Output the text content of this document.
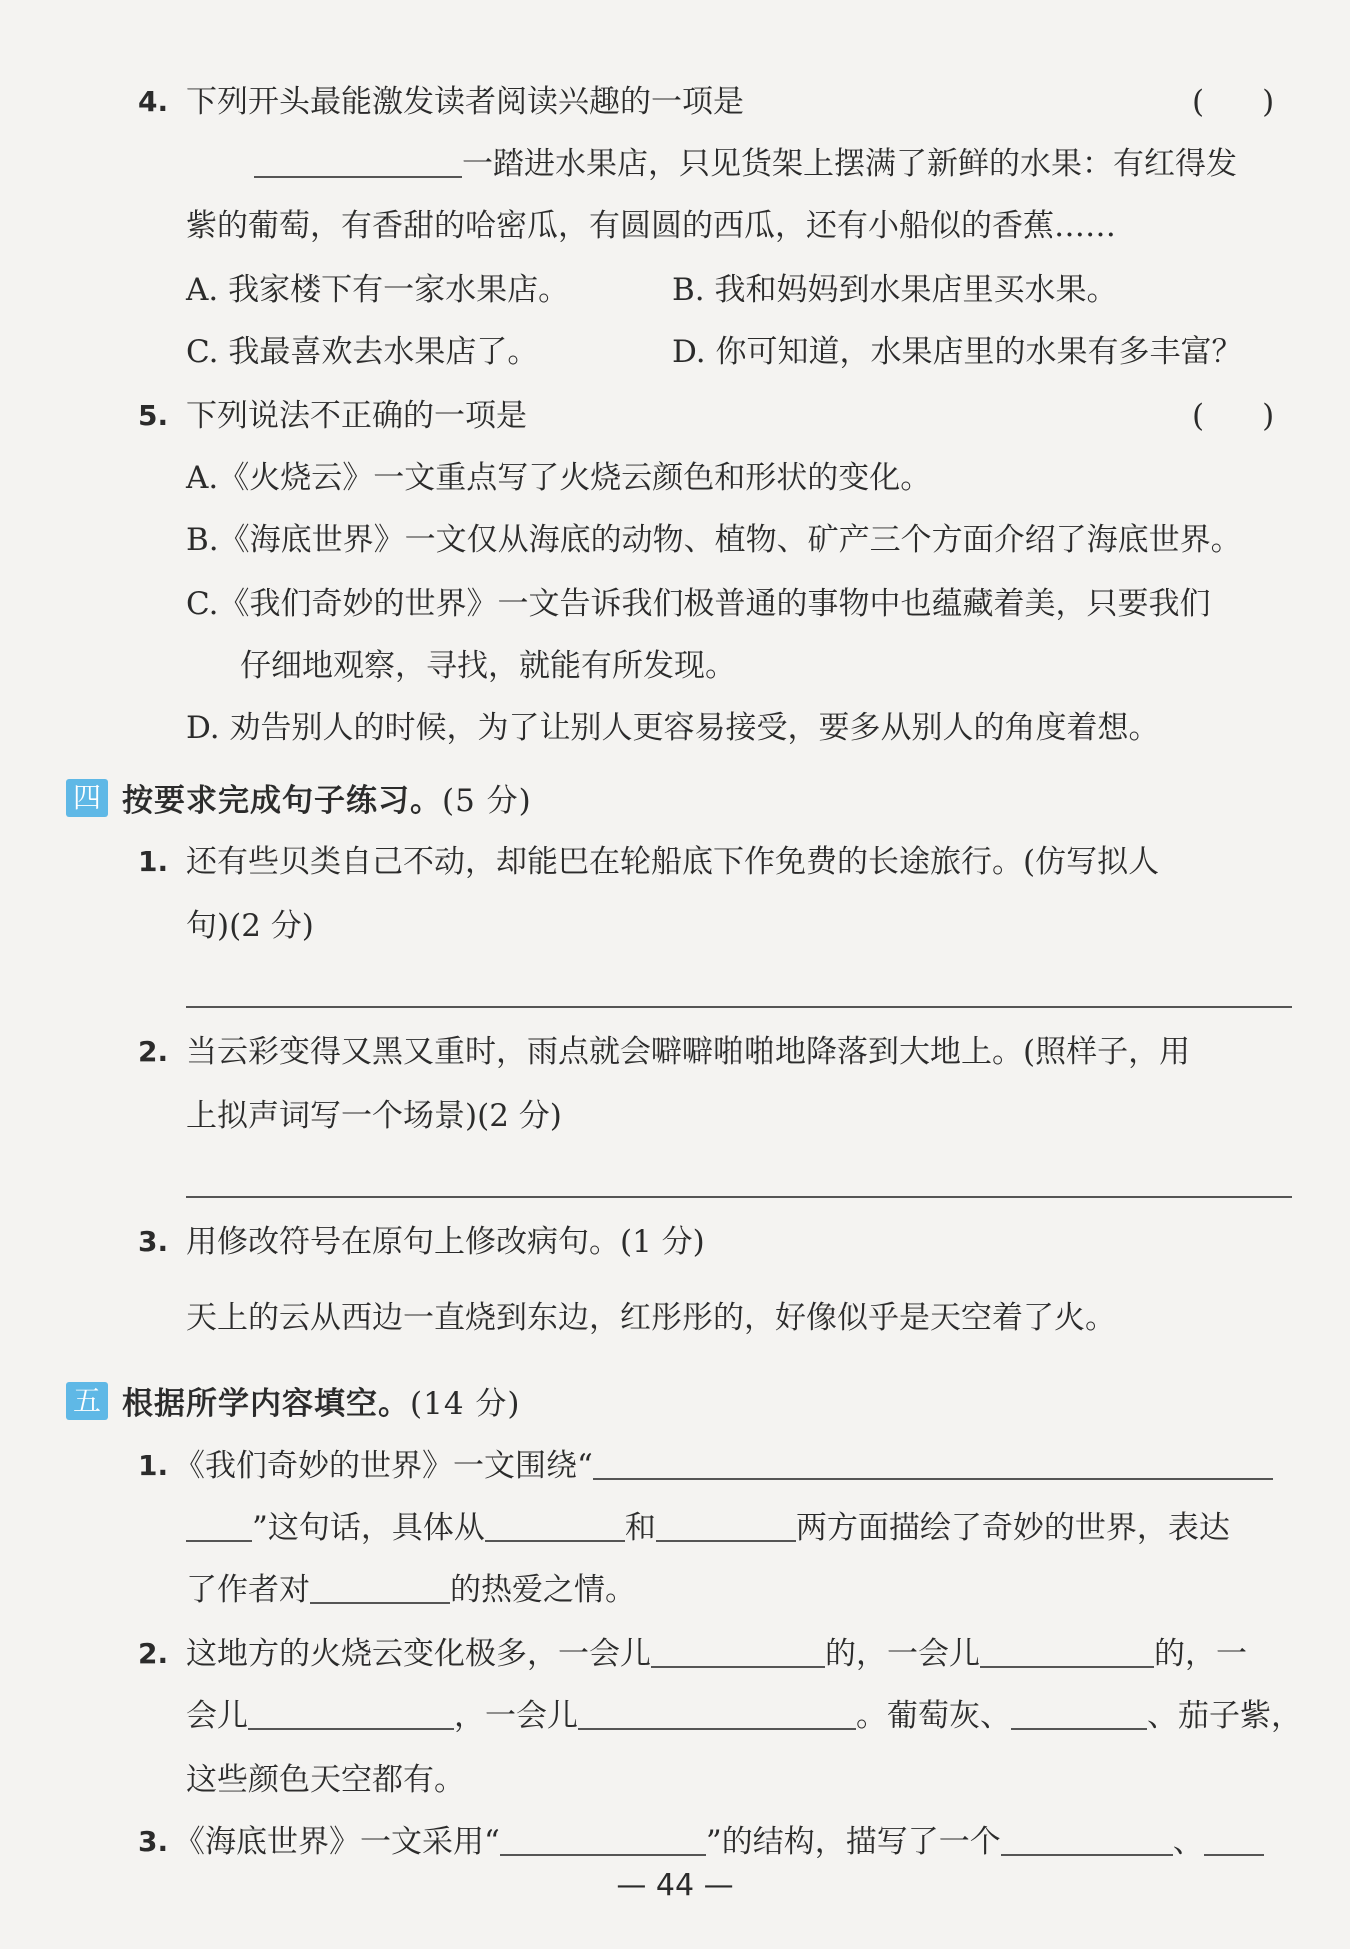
4. 下列开头最能激发读者阅读兴趣的一项是	( )
一踏进水果店，只见货架上摆满了新鲜的水果：有红得发
紫的葡萄，有香甜的哈密瓜，有圆圆的西瓜，还有小船似的香蕉……
A. 我家楼下有一家水果店。	B. 我和妈妈到水果店里买水果。
C. 我最喜欢去水果店了。	D. 你可知道，水果店里的水果有多丰富？
5. 下列说法不正确的一项是	( )
A.《火烧云》一文重点写了火烧云颜色和形状的变化。
B.《海底世界》一文仅从海底的动物、植物、矿产三个方面介绍了海底世界。
C.《我们奇妙的世界》一文告诉我们极普通的事物中也蕴藏着美，只要我们
仔细地观察，寻找，就能有所发现。
D. 劝告别人的时候，为了让别人更容易接受，要多从别人的角度着想。
四 按要求完成句子练习。(5 分)
1. 还有些贝类自己不动，却能巴在轮船底下作免费的长途旅行。(仿写拟人
句)(2 分)
2. 当云彩变得又黑又重时，雨点就会噼噼啪啪地降落到大地上。(照样子，用
上拟声词写一个场景)(2 分)
3. 用修改符号在原句上修改病句。(1 分)
天上的云从西边一直烧到东边，红彤彤的，好像似乎是天空着了火。
五 根据所学内容填空。(14 分)
1. 《我们奇妙的世界》一文围绕“
”这句话，具体从	和	两方面描绘了奇妙的世界，表达
了作者对	的热爱之情。
2. 这地方的火烧云变化极多，一会儿	的，一会儿	的，一
会儿	，一会儿	。葡萄灰、	、茄子紫，
这些颜色天空都有。
3. 《海底世界》一文采用“	”的结构，描写了一个	、
— 44 —
